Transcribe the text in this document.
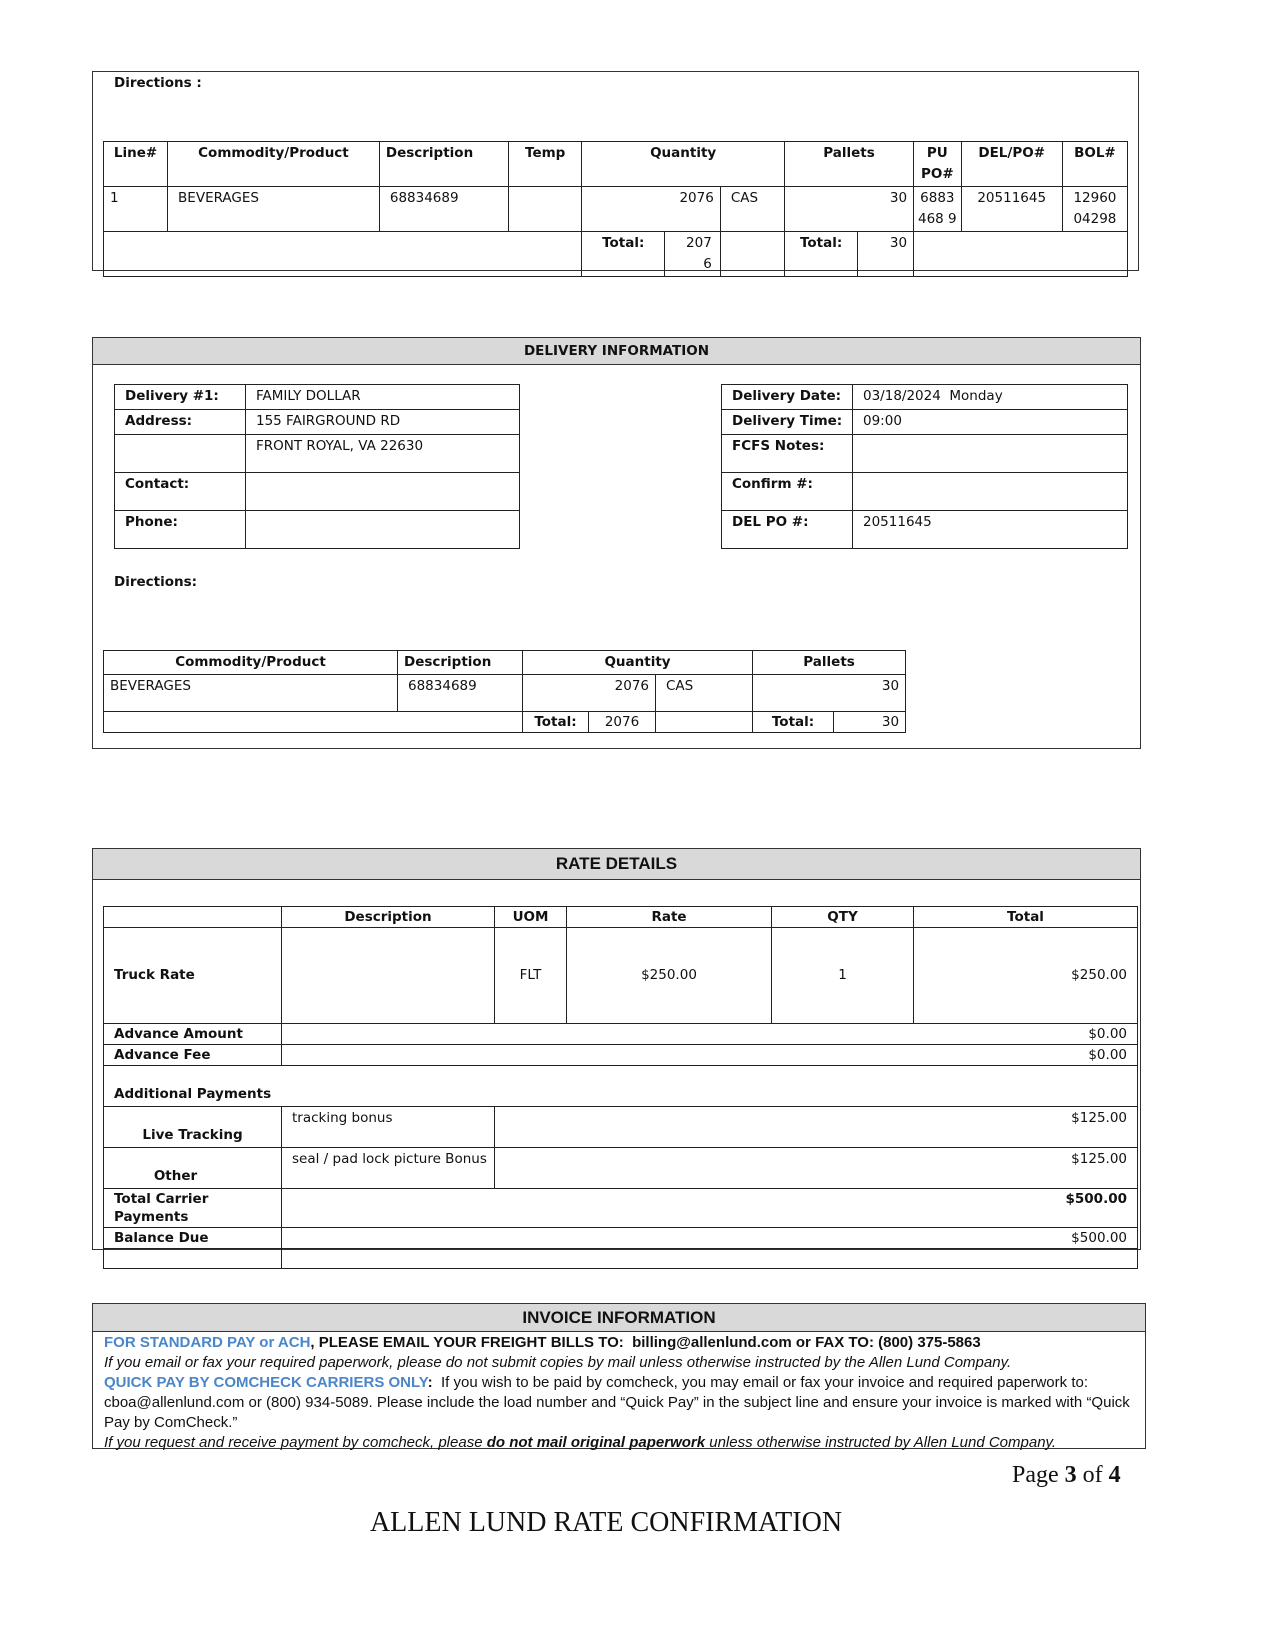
Directions :
Line#	Commodity/Product	Description	Temp	Quantity			Pallets		PU PO#	DEL/PO#	BOL#
1	BEVERAGES	68834689		2076		CAS	30		6883468 9	20511645	12960 04298
				Total:	207 6		Total:	30			
DELIVERY INFORMATION
Directions:
Delivery #1:	FAMILY DOLLAR
Address:	155 FAIRGROUND RD
	FRONT ROYAL, VA 22630
Contact:	
Phone:	
Delivery Date:	03/18/2024  Monday
Delivery Time:	09:00
FCFS Notes:	
Confirm #:	
DEL PO #:	20511645
Commodity/Product	Description	Quantity			Pallets	
BEVERAGES	68834689	2076		CAS	30	
		Total:	2076		Total:	30
RATE DETAILS
	Description	UOM	Rate	QTY	Total
Truck Rate		FLT	$250.00	1	$250.00
Advance Amount	$0.00				
Advance Fee	$0.00				
Additional Payments					
Live Tracking	tracking bonus	$125.00			
Other	seal / pad lock picture Bonus	$125.00			
Total Carrier Payments	$500.00				
Balance Due	$500.00				

INVOICE INFORMATION
FOR STANDARD PAY or ACH, PLEASE EMAIL YOUR FREIGHT BILLS TO:  billing@allenlund.com or FAX TO: (800) 375-5863
If you email or fax your required paperwork, please do not submit copies by mail unless otherwise instructed by the Allen Lund Company.
QUICK PAY BY COMCHECK CARRIERS ONLY:  If you wish to be paid by comcheck, you may email or fax your invoice and required paperwork to: cboa@allenlund.com or (800) 934-5089. Please include the load number and “Quick Pay” in the subject line and ensure your invoice is marked with “Quick Pay by ComCheck.”
If you request and receive payment by comcheck, please do not mail original paperwork unless otherwise instructed by Allen Lund Company.
Page 3 of 4
ALLEN LUND RATE CONFIRMATION
